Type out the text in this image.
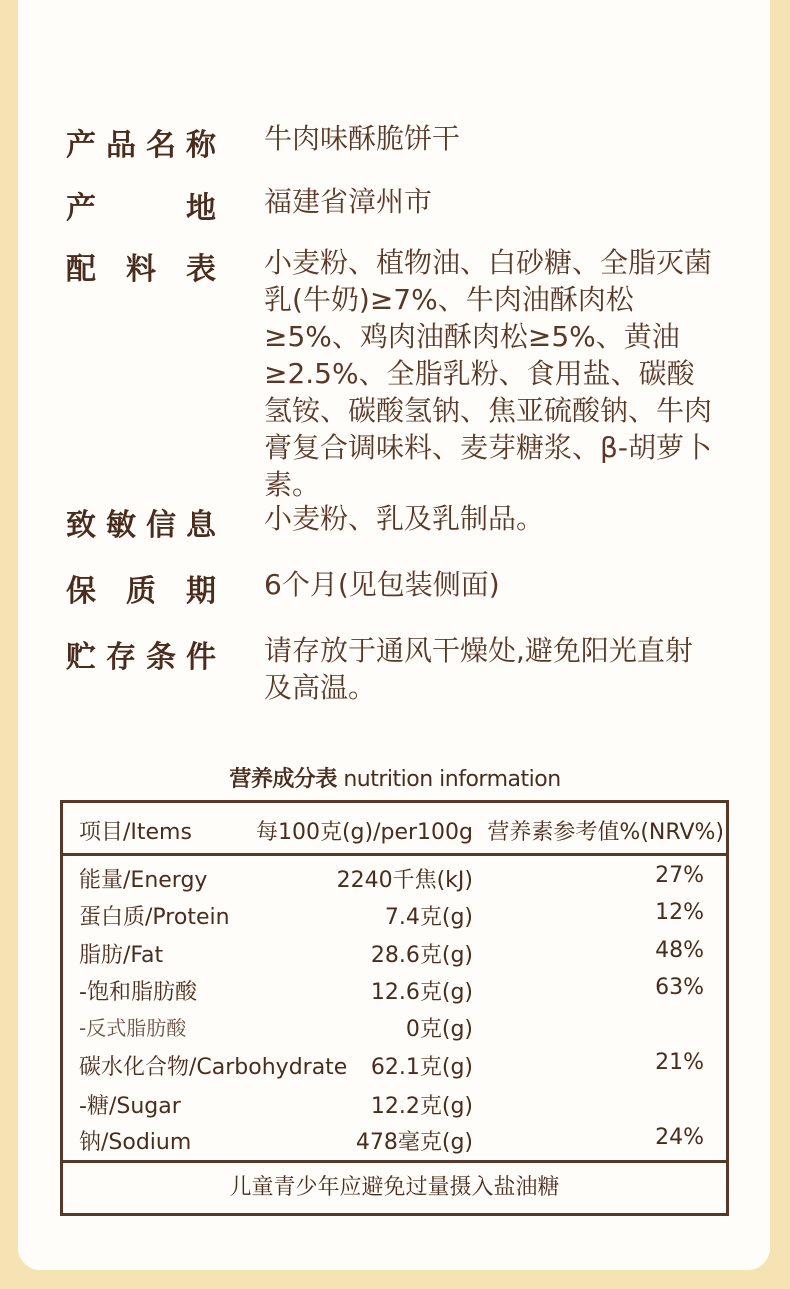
产 品 名 称 牛肉味酥脆饼干
产	地 福建省漳州市
配 料 表 小麦粉、植物油、白砂糖、全脂灭菌乳(牛奶)≥7%、牛肉油酥肉松≥5%、鸡肉油酥肉松≥5%、黄油≥2.5%、全脂乳粉、食用盐、碳酸氢铵、碳酸氢钠、焦亚硫酸钠、牛肉膏复合调味料、麦芽糖浆、β-胡萝卜素。
致 敏 信 息 小麦粉、乳及乳制品。
保 质 期 6个月(见包装侧面)
贮 存 条 件 请存放于通风干燥处,避免阳光直射及高温。
营养成分表 nutrition information
项目/Items	每100克(g)/per100g 营养素参考值%(NRV%)
能量/Energy	2240千焦(kJ)	27%
蛋白质/Protein	7.4克(g)	12%
脂肪/Fat	28.6克(g)	48%
-饱和脂肪酸	12.6克(g)	63%
-反式脂肪酸	0克(g)
碳水化合物/Carbohydrate 62.1克(g)	21%
-糖/Sugar	12.2克(g)
钠/Sodium	478毫克(g)	24%
儿童青少年应避免过量摄入盐油糖
